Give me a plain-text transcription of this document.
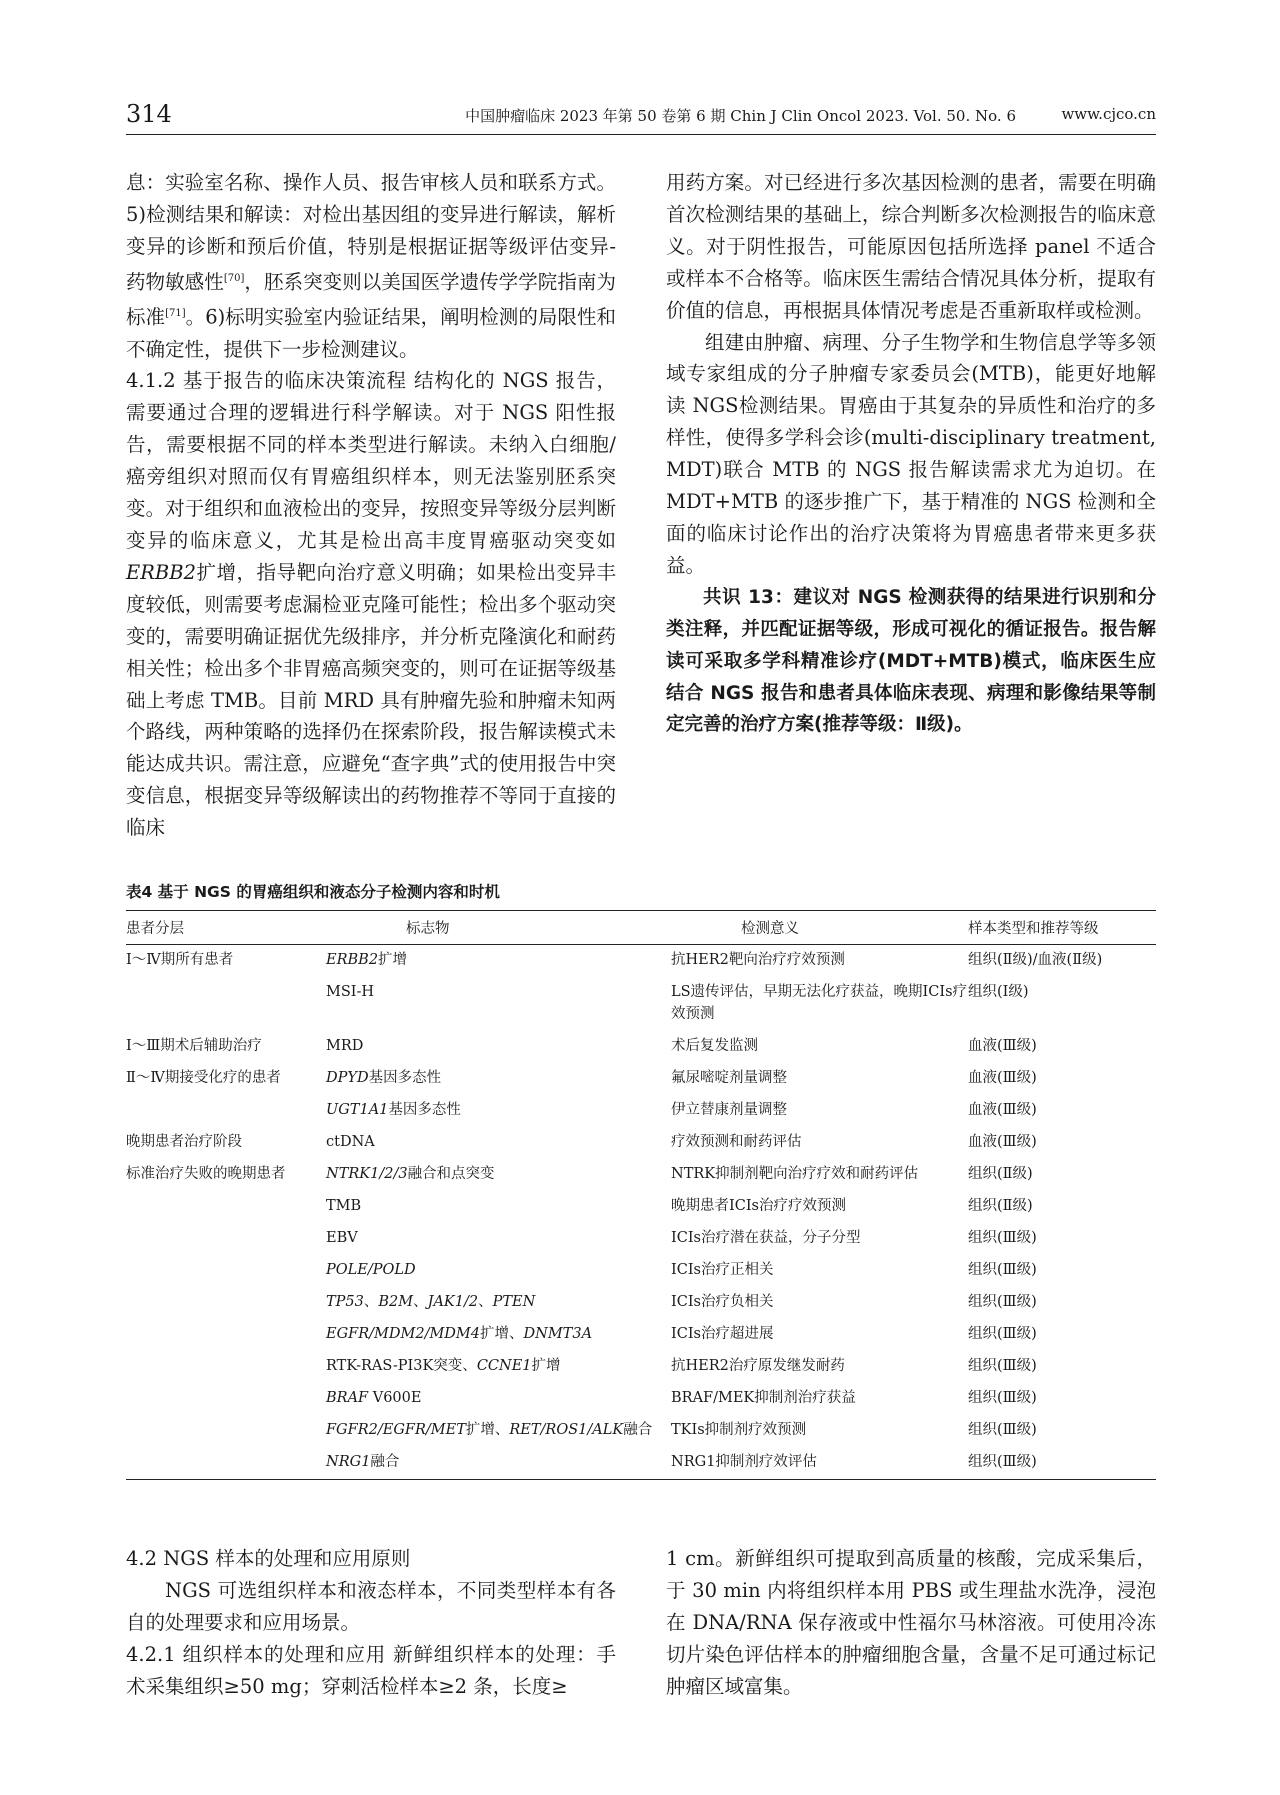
314	中国肿瘤临床 2023 年第 50 卷第 6 期 Chin J Clin Oncol 2023. Vol. 50. No. 6	www.cjco.cn

息：实验室名称、操作人员、报告审核人员和联系方式。5)检测结果和解读：对检出基因组的变异进行解读，解析变异的诊断和预后价值，特别是根据证据等级评估变异-药物敏感性[70]，胚系突变则以美国医学遗传学学院指南为标准[71]。6)标明实验室内验证结果，阐明检测的局限性和不确定性，提供下一步检测建议。

4.1.2 基于报告的临床决策流程 结构化的 NGS 报告，需要通过合理的逻辑进行科学解读。对于 NGS 阳性报告，需要根据不同的样本类型进行解读。未纳入白细胞/癌旁组织对照而仅有胃癌组织样本，则无法鉴别胚系突变。对于组织和血液检出的变异，按照变异等级分层判断变异的临床意义，尤其是检出高丰度胃癌驱动突变如ERBB2扩增，指导靶向治疗意义明确；如果检出变异丰度较低，则需要考虑漏检亚克隆可能性；检出多个驱动突变的，需要明确证据优先级排序，并分析克隆演化和耐药相关性；检出多个非胃癌高频突变的，则可在证据等级基础上考虑 TMB。目前 MRD 具有肿瘤先验和肿瘤未知两个路线，两种策略的选择仍在探索阶段，报告解读模式未能达成共识。需注意，应避免“查字典”式的使用报告中突变信息，根据变异等级解读出的药物推荐不等同于直接的临床

用药方案。对已经进行多次基因检测的患者，需要在明确首次检测结果的基础上，综合判断多次检测报告的临床意义。对于阴性报告，可能原因包括所选择 panel 不适合或样本不合格等。临床医生需结合情况具体分析，提取有价值的信息，再根据具体情况考虑是否重新取样或检测。

组建由肿瘤、病理、分子生物学和生物信息学等多领域专家组成的分子肿瘤专家委员会(MTB)，能更好地解读 NGS检测结果。胃癌由于其复杂的异质性和治疗的多样性，使得多学科会诊(multi-disciplinary treatment, MDT)联合 MTB 的 NGS 报告解读需求尤为迫切。在 MDT+MTB 的逐步推广下，基于精准的 NGS 检测和全面的临床讨论作出的治疗决策将为胃癌患者带来更多获益。

共识 13：建议对 NGS 检测获得的结果进行识别和分类注释，并匹配证据等级，形成可视化的循证报告。报告解读可采取多学科精准诊疗(MDT+MTB)模式，临床医生应结合 NGS 报告和患者具体临床表现、病理和影像结果等制定完善的治疗方案(推荐等级：Ⅱ级)。

表4 基于 NGS 的胃癌组织和液态分子检测内容和时机
患者分层	标志物	检测意义	样本类型和推荐等级
Ⅰ～Ⅳ期所有患者	ERBB2扩增	抗HER2靶向治疗疗效预测	组织(Ⅱ级)/血液(Ⅱ级)
	MSI-H	LS遗传评估，早期无法化疗获益，晚期ICIs疗效预测	组织(Ⅰ级)
Ⅰ～Ⅲ期术后辅助治疗	MRD	术后复发监测	血液(Ⅲ级)
Ⅱ～Ⅳ期接受化疗的患者	DPYD基因多态性	氟尿嘧啶剂量调整	血液(Ⅲ级)
	UGT1A1基因多态性	伊立替康剂量调整	血液(Ⅲ级)
晚期患者治疗阶段	ctDNA	疗效预测和耐药评估	血液(Ⅲ级)
标准治疗失败的晚期患者	NTRK1/2/3融合和点突变	NTRK抑制剂靶向治疗疗效和耐药评估	组织(Ⅱ级)
	TMB	晚期患者ICIs治疗疗效预测	组织(Ⅱ级)
	EBV	ICIs治疗潜在获益，分子分型	组织(Ⅲ级)
	POLE/POLD	ICIs治疗正相关	组织(Ⅲ级)
	TP53、B2M、JAK1/2、PTEN	ICIs治疗负相关	组织(Ⅲ级)
	EGFR/MDM2/MDM4扩增、DNMT3A	ICIs治疗超进展	组织(Ⅲ级)
	RTK-RAS-PI3K突变、CCNE1扩增	抗HER2治疗原发继发耐药	组织(Ⅲ级)
	BRAF V600E	BRAF/MEK抑制剂治疗获益	组织(Ⅲ级)
	FGFR2/EGFR/MET扩增、RET/ROS1/ALK融合	TKIs抑制剂疗效预测	组织(Ⅲ级)
	NRG1融合	NRG1抑制剂疗效评估	组织(Ⅲ级)

4.2 NGS 样本的处理和应用原则

NGS 可选组织样本和液态样本，不同类型样本有各自的处理要求和应用场景。

4.2.1 组织样本的处理和应用 新鲜组织样本的处理：手术采集组织≥50 mg；穿刺活检样本≥2 条，长度≥

1 cm。新鲜组织可提取到高质量的核酸，完成采集后，于 30 min 内将组织样本用 PBS 或生理盐水洗净，浸泡在 DNA/RNA 保存液或中性福尔马林溶液。可使用冷冻切片染色评估样本的肿瘤细胞含量，含量不足可通过标记肿瘤区域富集。
